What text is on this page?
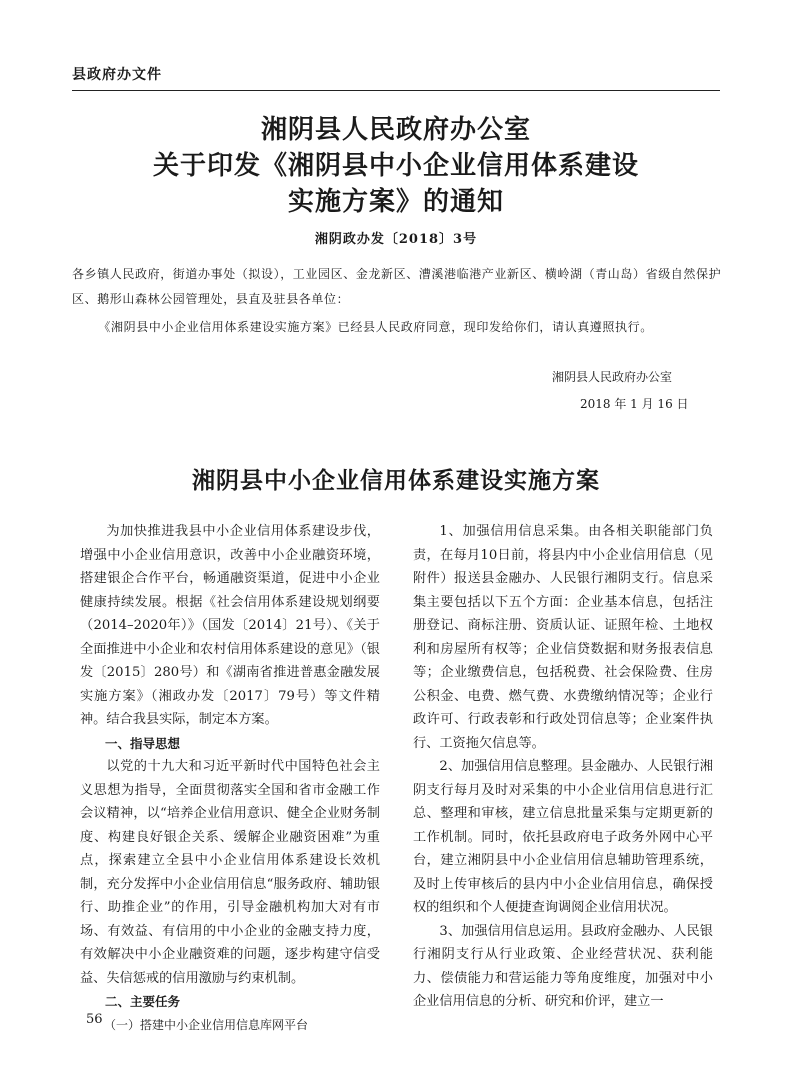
县政府办文件
湘阴县人民政府办公室
关于印发《湘阴县中小企业信用体系建设
实施方案》的通知
湘阴政办发〔2018〕3号
各乡镇人民政府，街道办事处（拟设），工业园区、金龙新区、漕溪港临港产业新区、横岭湖（青山岛）省级自然保护区、鹅形山森林公园管理处，县直及驻县各单位：
《湘阴县中小企业信用体系建设实施方案》已经县人民政府同意，现印发给你们，请认真遵照执行。
湘阴县人民政府办公室
2018 年 1 月 16 日
湘阴县中小企业信用体系建设实施方案

为加快推进我县中小企业信用体系建设步伐，增强中小企业信用意识，改善中小企业融资环境，搭建银企合作平台，畅通融资渠道，促进中小企业健康持续发展。根据《社会信用体系建设规划纲要（2014–2020年）》（国发〔2014〕21号）、《关于全面推进中小企业和农村信用体系建设的意见》（银发〔2015〕280号）和《湖南省推进普惠金融发展实施方案》（湘政办发〔2017〕79号）等文件精神。结合我县实际，制定本方案。

一、指导思想

以党的十九大和习近平新时代中国特色社会主义思想为指导，全面贯彻落实全国和省市金融工作会议精神，以“培养企业信用意识、健全企业财务制度、构建良好银企关系、缓解企业融资困难”为重点，探索建立全县中小企业信用体系建设长效机制，充分发挥中小企业信用信息“服务政府、辅助银行、助推企业”的作用，引导金融机构加大对有市场、有效益、有信用的中小企业的金融支持力度，有效解决中小企业融资难的问题，逐步构建守信受益、失信惩戒的信用激励与约束机制。

二、主要任务

（一）搭建中小企业信用信息库网平台

1、加强信用信息采集。由各相关职能部门负责，在每月10日前，将县内中小企业信用信息（见附件）报送县金融办、人民银行湘阴支行。信息采集主要包括以下五个方面：企业基本信息，包括注册登记、商标注册、资质认证、证照年检、土地权利和房屋所有权等；企业信贷数据和财务报表信息等；企业缴费信息，包括税费、社会保险费、住房公积金、电费、燃气费、水费缴纳情况等；企业行政许可、行政表彰和行政处罚信息等；企业案件执行、工资拖欠信息等。

2、加强信用信息整理。县金融办、人民银行湘阴支行每月及时对采集的中小企业信用信息进行汇总、整理和审核，建立信息批量采集与定期更新的工作机制。同时，依托县政府电子政务外网中心平台，建立湘阴县中小企业信用信息辅助管理系统，及时上传审核后的县内中小企业信用信息，确保授权的组织和个人便捷查询调阅企业信用状况。

3、加强信用信息运用。县政府金融办、人民银行湘阴支行从行业政策、企业经营状况、获利能力、偿债能力和营运能力等角度维度，加强对中小企业信用信息的分析、研究和价评，建立一

56
